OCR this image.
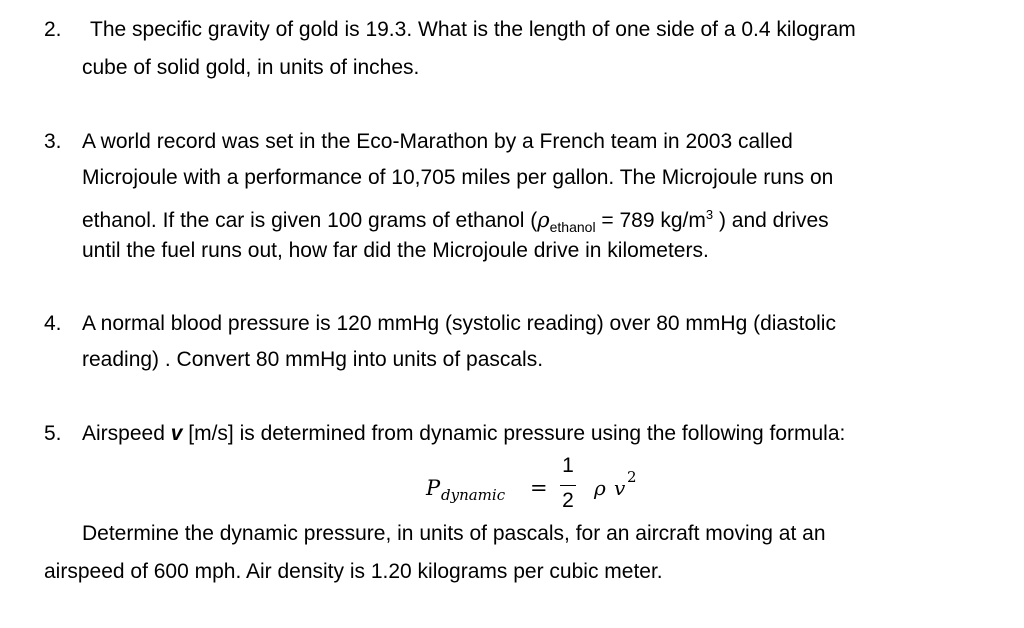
2. The specific gravity of gold is 19.3. What is the length of one side of a 0.4 kilogram
cube of solid gold, in units of inches.
3. A world record was set in the Eco-Marathon by a French team in 2003 called
Microjoule with a performance of 10,705 miles per gallon. The Microjoule runs on
ethanol. If the car is given 100 grams of ethanol ($\rho_{ethanol} = 789$ $kg/m^3$ ) and drives
until the fuel runs out, how far did the Microjoule drive in kilometers.
4. A normal blood pressure is 120 mmHg (systolic reading) over 80 mmHg (diastolic
reading) . Convert 80 mmHg into units of pascals.
5. Airspeed v [m/s] is determined from dynamic pressure using the following formula:
P dynamic =
1
2
ρ v 2
Determine the dynamic pressure, in units of pascals, for an aircraft moving at an
airspeed of 600 mph. Air density is 1.20 kilograms per cubic meter.
